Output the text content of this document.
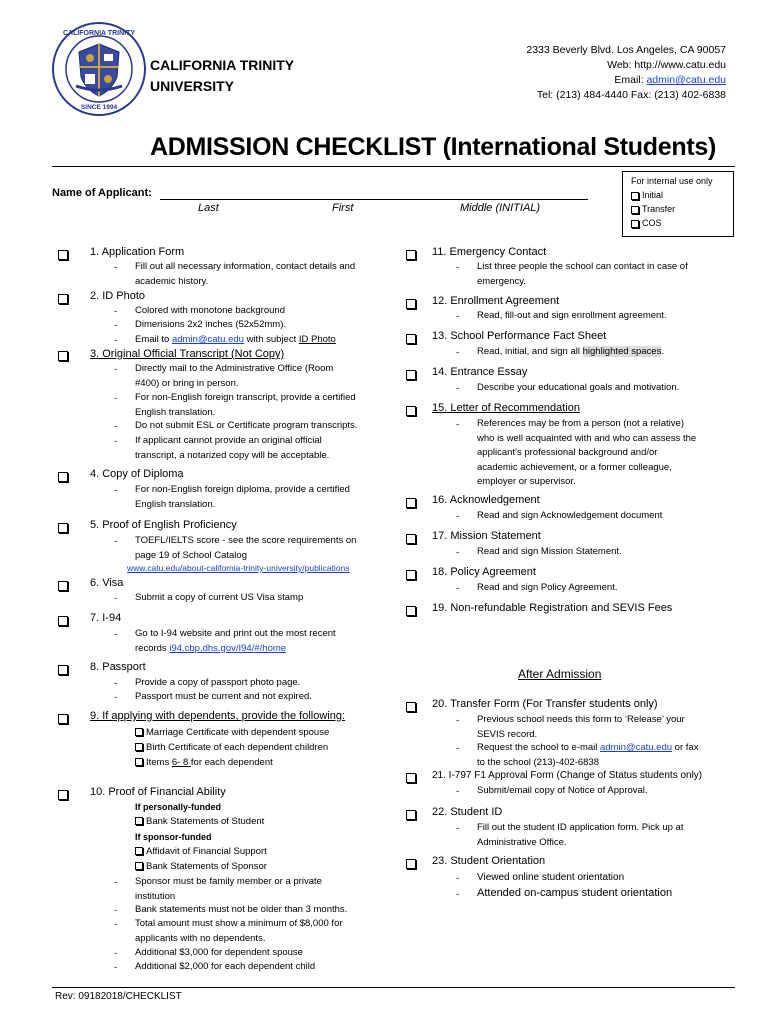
CALIFORNIA TRINITY
SINCE 1994
CALIFORNIA TRINITY
UNIVERSITY
2333 Beverly Blvd. Los Angeles, CA 90057
Web: http://www.catu.edu
Email: admin@catu.edu
Tel: (213) 484-4440 Fax: (213) 402-6838
ADMISSION CHECKLIST (International Students)
For internal use only
Initial
Transfer
COS
Name of Applicant:
Last	First	Middle (INITIAL)
1. Application Form
- Fill out all necessary information, contact details and
academic history.
2. ID Photo
- Colored with monotone background
- Dimensions 2x2 inches (52x52mm).
- Email to admin@catu.edu with subject ID Photo
3. Original Official Transcript (Not Copy)
- Directly mail to the Administrative Office (Room
#400) or bring in person.
- For non-English foreign transcript, provide a certified
English translation.
- Do not submit ESL or Certificate program transcripts.
- If applicant cannot provide an original official
transcript, a notarized copy will be acceptable.
4. Copy of Diploma
- For non-English foreign diploma, provide a certified
English translation.
5. Proof of English Proficiency
- TOEFL/IELTS score - see the score requirements on
page 19 of School Catalog
www.catu.edu/about-california-trinity-university/publications
6. Visa
- Submit a copy of current US Visa stamp
7. I-94
- Go to I-94 website and print out the most recent
records i94.cbp.dhs.gov/I94/#/home
8. Passport
- Provide a copy of passport photo page.
- Passport must be current and not expired.
9. If applying with dependents, provide the following:
Marriage Certificate with dependent spouse
Birth Certificate of each dependent children
Items 6- 8 for each dependent
10. Proof of Financial Ability
If personally-funded
Bank Statements of Student
If sponsor-funded
Affidavit of Financial Support
Bank Statements of Sponsor
- Sponsor must be family member or a private
institution
- Bank statements must not be older than 3 months.
- Total amount must show a minimum of $8,000 for
applicants with no dependents.
- Additional $3,000 for dependent spouse
- Additional $2,000 for each dependent child
11. Emergency Contact
- List three people the school can contact in case of
emergency.
12. Enrollment Agreement
- Read, fill-out and sign enrollment agreement.
13. School Performance Fact Sheet
- Read, initial, and sign all highlighted spaces.
14. Entrance Essay
- Describe your educational goals and motivation.
15. Letter of Recommendation
- References may be from a person (not a relative)
who is well acquainted with and who can assess the
applicant’s professional background and/or
academic achievement, or a former colleague,
employer or supervisor.
16. Acknowledgement
- Read and sign Acknowledgement document
17. Mission Statement
- Read and sign Mission Statement.
18. Policy Agreement
- Read and sign Policy Agreement.
19. Non-refundable Registration and SEVIS Fees
After Admission
20. Transfer Form (For Transfer students only)
- Previous school needs this form to ‘Release’ your
SEVIS record.
- Request the school to e-mail admin@catu.edu or fax
to the school (213)-402-6838
21. I-797 F1 Approval Form (Change of Status students only)
- Submit/email copy of Notice of Approval.
22. Student ID
- Fill out the student ID application form. Pick up at
Administrative Office.
23. Student Orientation
- Viewed online student orientation
- Attended on-campus student orientation
Rev: 09182018/CHECKLIST
